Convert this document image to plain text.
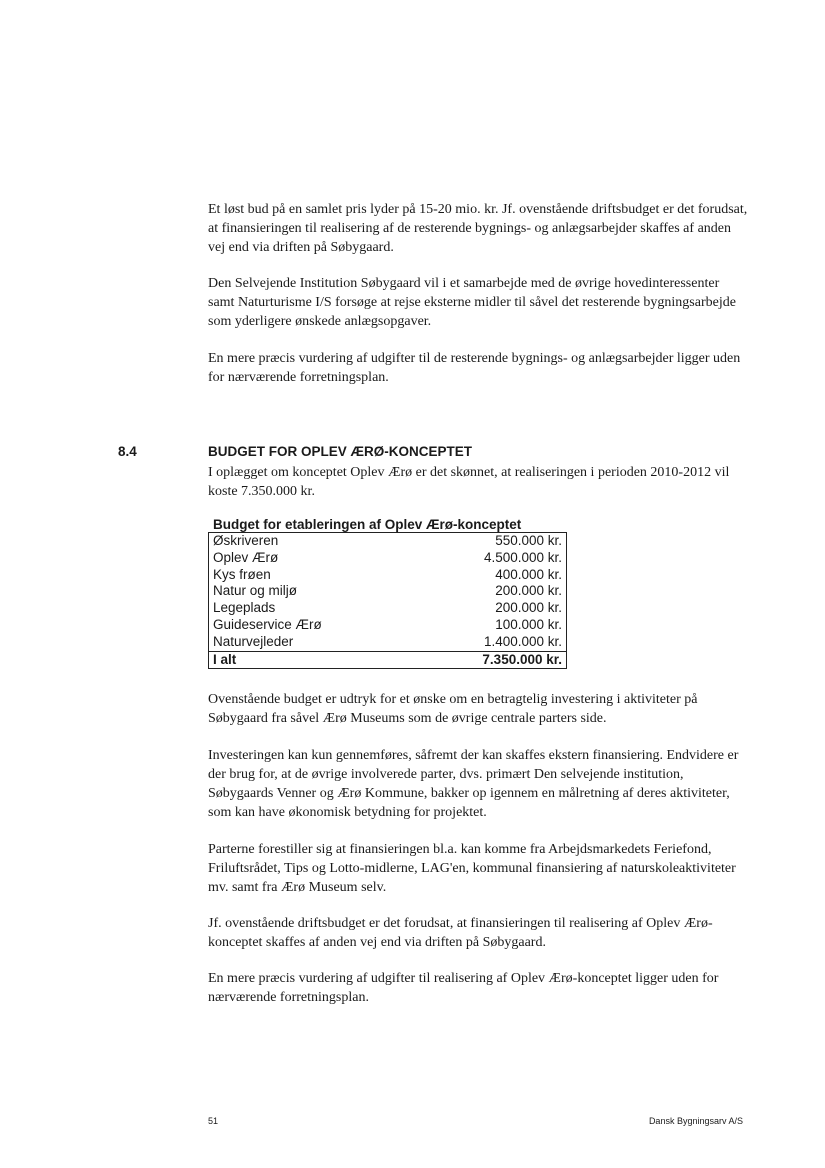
Et løst bud på en samlet pris lyder på 15-20 mio. kr. Jf. ovenstående driftsbudget er det forudsat, at finansieringen til realisering af de resterende bygnings- og anlægsarbejder skaffes af anden vej end via driften på Søbygaard.

Den Selvejende Institution Søbygaard vil i et samarbejde med de øvrige hovedinteressenter samt Naturturisme I/S forsøge at rejse eksterne midler til såvel det resterende bygningsarbejde som yderligere ønskede anlægsopgaver.

En mere præcis vurdering af udgifter til de resterende bygnings- og anlægsarbejder ligger uden for nærværende forretningsplan.

8.4	BUDGET FOR OPLEV ÆRØ-KONCEPTET

I oplægget om konceptet Oplev Ærø er det skønnet, at realiseringen i perioden 2010-2012 vil koste 7.350.000 kr.

Budget for etableringen af Oplev Ærø-konceptet
Øskriveren	550.000 kr.
Oplev Ærø	4.500.000 kr.
Kys frøen	400.000 kr.
Natur og miljø	200.000 kr.
Legeplads	200.000 kr.
Guideservice Ærø	100.000 kr.
Naturvejleder	1.400.000 kr.
I alt	7.350.000 kr.

Ovenstående budget er udtryk for et ønske om en betragtelig investering i aktiviteter på Søbygaard fra såvel Ærø Museums som de øvrige centrale parters side.

Investeringen kan kun gennemføres, såfremt der kan skaffes ekstern finansiering. Endvidere er der brug for, at de øvrige involverede parter, dvs. primært Den selvejende institution, Søbygaards Venner og Ærø Kommune, bakker op igennem en målretning af deres aktiviteter, som kan have økonomisk betydning for projektet.

Parterne forestiller sig at finansieringen bl.a. kan komme fra Arbejdsmarkedets Feriefond, Friluftsrådet, Tips og Lotto-midlerne, LAG'en, kommunal finansiering af naturskoleaktiviteter mv. samt fra Ærø Museum selv.

Jf. ovenstående driftsbudget er det forudsat, at finansieringen til realisering af Oplev Ærø-konceptet skaffes af anden vej end via driften på Søbygaard.

En mere præcis vurdering af udgifter til realisering af Oplev Ærø-konceptet ligger uden for nærværende forretningsplan.

51	Dansk Bygningsarv A/S
